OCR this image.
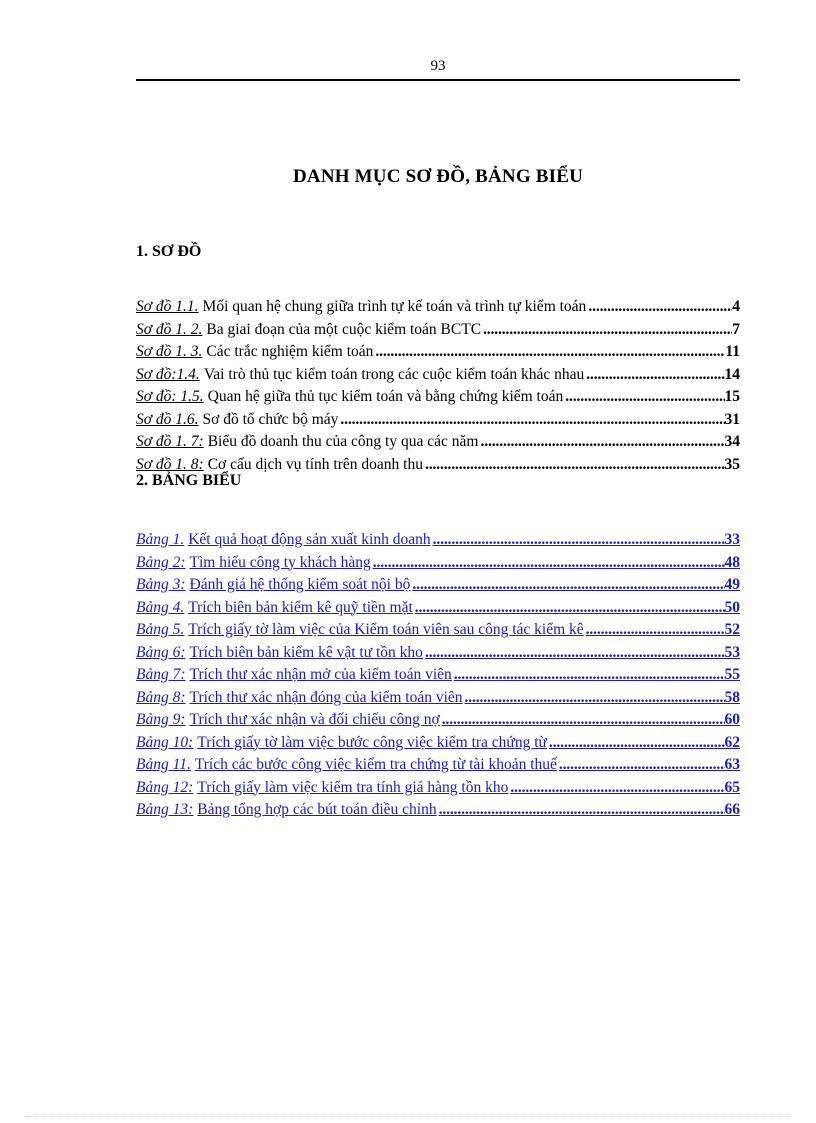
93
DANH MỤC SƠ ĐỒ, BẢNG BIỂU
1. SƠ ĐỒ
Sơ đồ 1.1. Mối quan hệ chung giữa trình tự kế toán và trình tự kiểm toán . . .	4
Sơ đồ 1. 2. Ba giai đoạn của một cuộc kiểm toán BCTC . . .	7
Sơ đồ 1. 3. Các trắc nghiệm kiểm toán . . .	11
Sơ đồ:1.4. Vai trò thủ tục kiểm toán trong các cuộc kiểm toán khác nhau . . .	14
Sơ đồ: 1.5. Quan hệ giữa thủ tục kiểm toán và bằng chứng kiểm toán . . .	15
Sơ đồ 1.6. Sơ đồ tổ chức bộ máy . . .	31
Sơ đồ 1. 7: Biểu đồ doanh thu của công ty qua các năm . . .	34
Sơ đồ 1. 8: Cơ cấu dịch vụ tính trên doanh thu . . .	35
2. BẢNG BIỂU
Bảng 1. Kết quả hoạt động sản xuất kinh doanh . . .	33
Bảng 2: Tìm hiểu công ty khách hàng . . .	48
Bảng 3: Đánh giá hệ thống kiểm soát nội bộ . . .	49
Bảng 4. Trích biên bản kiểm kê quỹ tiền mặt . . .	50
Bảng 5. Trích giấy tờ làm việc của Kiểm toán viên sau công tác kiểm kê . . .	52
Bảng 6: Trích biên bản kiểm kê vật tư tồn kho . . .	53
Bảng 7: Trích thư xác nhận mở của kiểm toán viên . . .	55
Bảng 8: Trích thư xác nhận đóng của kiểm toán viên . . .	58
Bảng 9: Trích thư xác nhận và đối chiếu công nợ . . .	60
Bảng 10: Trích giấy tờ làm việc bước công việc kiểm tra chứng từ . . .	62
Bảng 11. Trích các bước công việc kiểm tra chứng từ tài khoản thuế . . .	63
Bảng 12: Trích giấy làm việc kiểm tra tính giá hàng tồn kho . . .	65
Bảng 13: Bảng tổng hợp các bút toán điều chỉnh . . .	66
